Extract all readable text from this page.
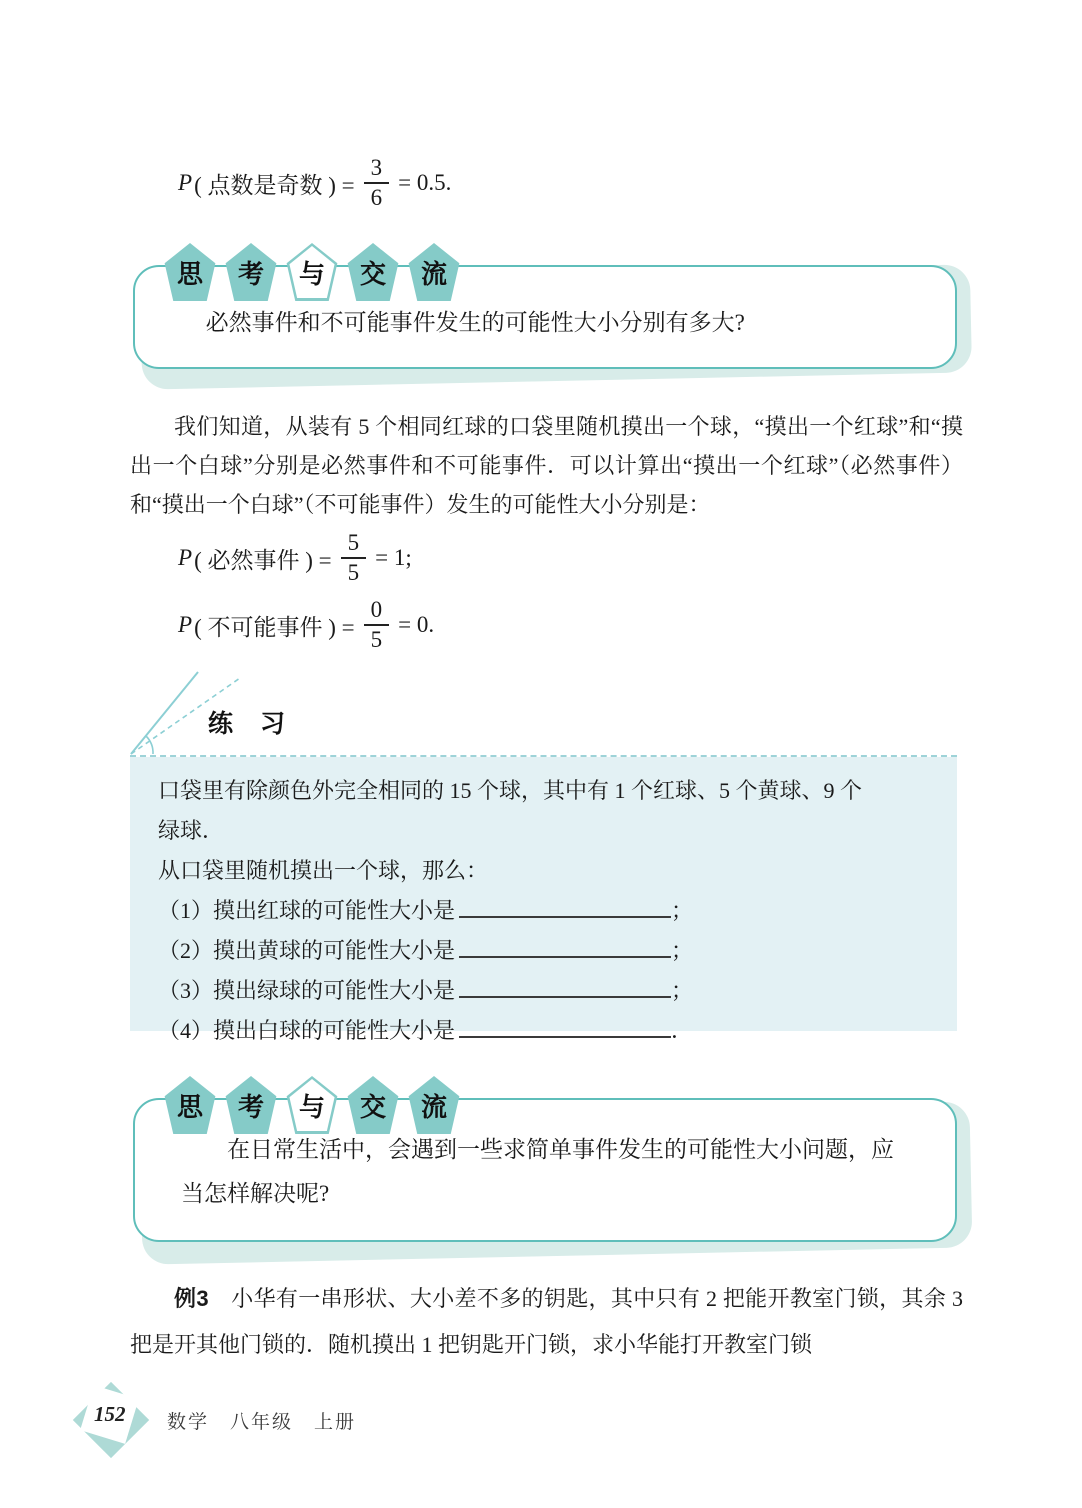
P ( 点数是奇数 ) = $\frac{3}{6} = 0.5$.
思	考	与	交	流
必然事件和不可能事件发生的可能性大小分别有多大?
我们知道，从装有 5 个相同红球的口袋里随机摸出一个球，“摸出一个红球”和“摸出一个白球”分别是必然事件和不可能事件．可以计算出“摸出一个红球”（必然事件）和“摸出一个白球”（不可能事件）发生的可能性大小分别是：
P ( 必然事件 ) = $\frac{5}{5} = 1$;
P ( 不可能事件 ) = $\frac{0}{5} = 0$.
练 习
口袋里有除颜色外完全相同的 15 个球，其中有 1 个红球、5 个黄球、9 个
绿球．
从口袋里随机摸出一个球，那么：
（1）摸出红球的可能性大小是	；
（2）摸出黄球的可能性大小是	；
（3）摸出绿球的可能性大小是	；
（4）摸出白球的可能性大小是	．
思	考	与	交	流
在日常生活中，会遇到一些求简单事件发生的可能性大小问题，应当怎样解决呢?
例3　小华有一串形状、大小差不多的钥匙，其中只有 2 把能开教室门锁，其余 3 把是开其他门锁的．随机摸出 1 把钥匙开门锁，求小华能打开教室门锁
152 数学　八年级　上册
